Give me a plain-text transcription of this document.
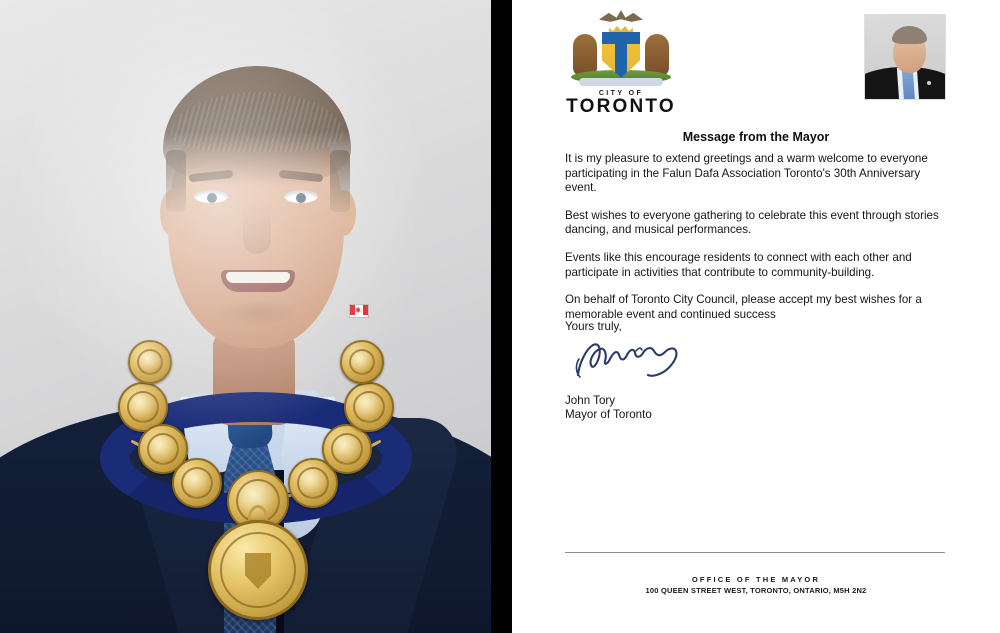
CITY OF
TORONTO
Message from the Mayor

It is my pleasure to extend greetings and a warm welcome to everyone participating in the Falun Dafa Association Toronto's 30th Anniversary event.

Best wishes to everyone gathering to celebrate this event through stories dancing, and musical performances.

Events like this encourage residents to connect with each other and participate in activities that contribute to community-building.

On behalf of Toronto City Council, please accept my best wishes for a memorable event and continued success

Yours truly,
John Tory
Mayor of Toronto
OFFICE OF THE MAYOR
100 QUEEN STREET WEST, TORONTO, ONTARIO, M5H 2N2
